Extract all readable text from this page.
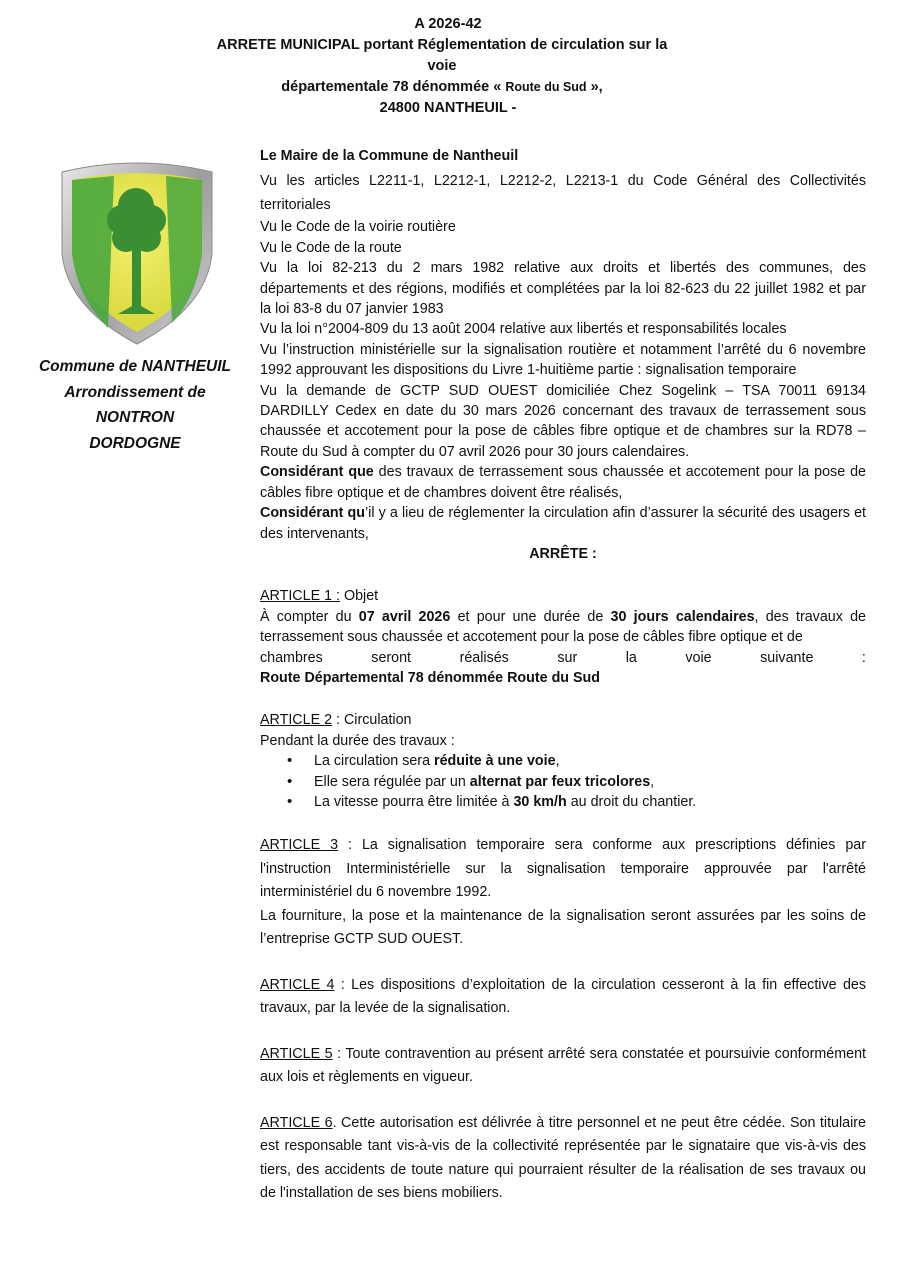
A 2026-42
ARRETE MUNICIPAL portant Réglementation de circulation sur la voie
départementale 78 dénommée « Route du Sud »,
24800 NANTHEUIL -
Commune de NANTHEUIL
Arrondissement de
NONTRON
DORDOGNE

Le Maire de la Commune de Nantheuil

Vu les articles L2211-1, L2212-1, L2212-2, L2213-1 du Code Général des Collectivités territoriales

Vu le Code de la voirie routière

Vu le Code de la route

Vu la loi 82-213 du 2 mars 1982 relative aux droits et libertés des communes, des départements et des régions, modifiés et complétées par la loi 82-623 du 22 juillet 1982 et par la loi 83-8 du 07 janvier 1983

Vu la loi n°2004-809 du 13 août 2004 relative aux libertés et responsabilités locales

Vu l’instruction ministérielle sur la signalisation routière et notamment l’arrêté du 6 novembre 1992 approuvant les dispositions du Livre 1-huitième partie : signalisation temporaire

Vu la demande de GCTP SUD OUEST domiciliée Chez Sogelink – TSA 70011 69134 DARDILLY Cedex en date du 30 mars 2026 concernant des travaux de terrassement sous chaussée et accotement pour la pose de câbles fibre optique et de chambres sur la RD78 – Route du Sud à compter du 07 avril 2026 pour 30 jours calendaires.

Considérant que des travaux de terrassement sous chaussée et accotement pour la pose de câbles fibre optique et de chambres doivent être réalisés,

Considérant qu’il y a lieu de réglementer la circulation afin d’assurer la sécurité des usagers et des intervenants,

ARRÊTE :

ARTICLE 1 : Objet

À compter du 07 avril 2026 et pour une durée de 30 jours calendaires, des travaux de terrassement sous chaussée et accotement pour la pose de câbles fibre optique et de

chambres	seront	réalisés	sur	la	voie	suivante	:

Route Départemental 78 dénommée Route du Sud

ARTICLE 2 : Circulation

Pendant la durée des travaux :

• La circulation sera réduite à une voie,
• Elle sera régulée par un alternat par feux tricolores,
• La vitesse pourra être limitée à 30 km/h au droit du chantier.

ARTICLE 3 : La signalisation temporaire sera conforme aux prescriptions définies par l'instruction Interministérielle sur la signalisation temporaire approuvée par l'arrêté interministériel du 6 novembre 1992.

La fourniture, la pose et la maintenance de la signalisation seront assurées par les soins de l’entreprise GCTP SUD OUEST.

ARTICLE 4 : Les dispositions d’exploitation de la circulation cesseront à la fin effective des travaux, par la levée de la signalisation.

ARTICLE 5 : Toute contravention au présent arrêté sera constatée et poursuivie conformément aux lois et règlements en vigueur.

ARTICLE 6. Cette autorisation est délivrée à titre personnel et ne peut être cédée. Son titulaire est responsable tant vis-à-vis de la collectivité représentée par le signataire que vis-à-vis des tiers, des accidents de toute nature qui pourraient résulter de la réalisation de ses travaux ou de l'installation de ses biens mobiliers.
